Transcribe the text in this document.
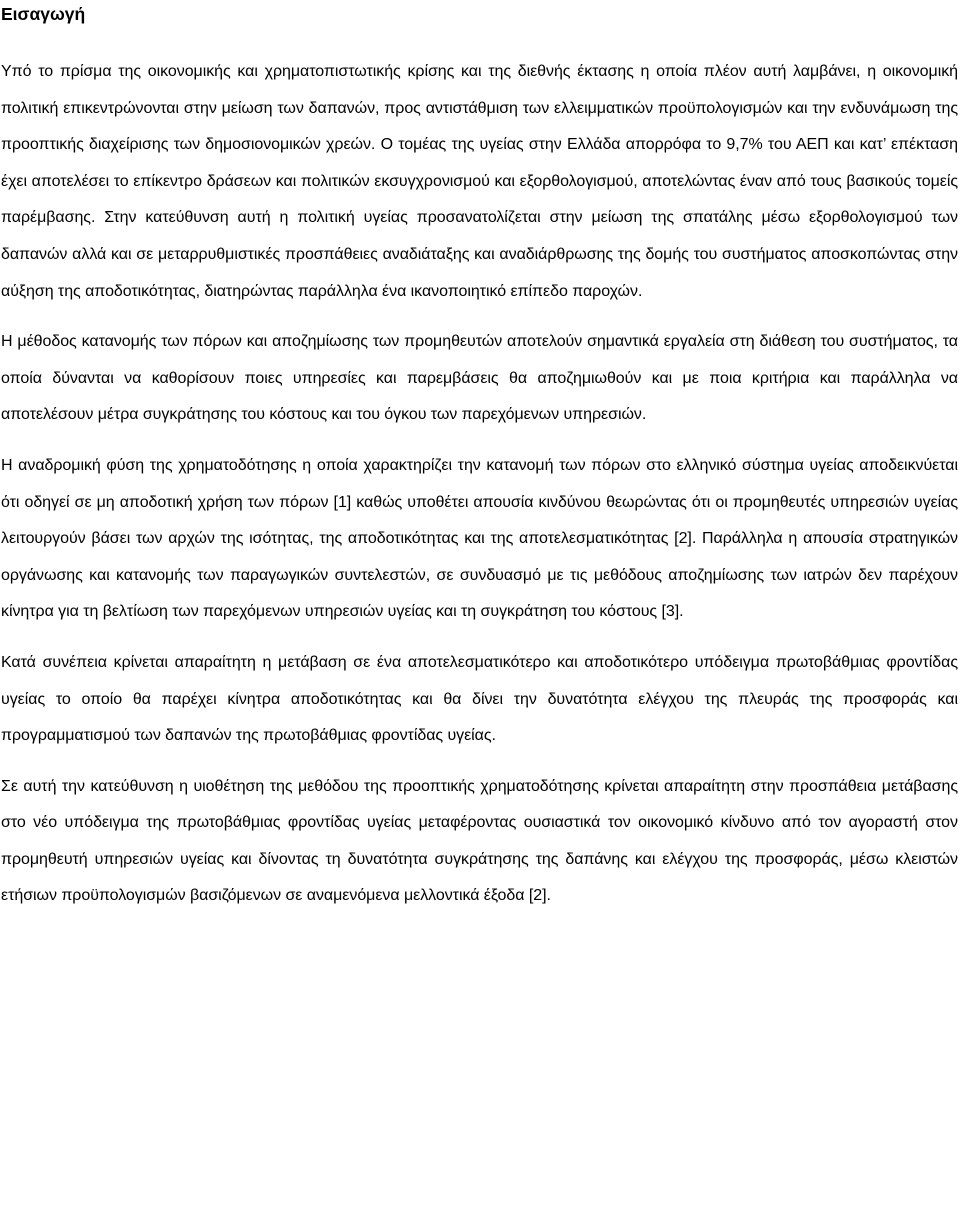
Εισαγωγή

Υπό το πρίσμα της οικονομικής και χρηματοπιστωτικής κρίσης και της διεθνής έκτασης η οποία πλέον αυτή λαμβάνει, η οικονομική πολιτική επικεντρώνονται στην μείωση των δαπανών, προς αντιστάθμιση των ελλειμματικών προϋπολογισμών και την ενδυνάμωση της προοπτικής διαχείρισης των δημοσιονομικών χρεών. Ο τομέας της υγείας στην Ελλάδα απορρόφα το 9,7% του ΑΕΠ και κατ’ επέκταση έχει αποτελέσει το επίκεντρο δράσεων και πολιτικών εκσυγχρονισμού και εξορθολογισμού, αποτελώντας έναν από τους βασικούς τομείς παρέμβασης. Στην κατεύθυνση αυτή η πολιτική υγείας προσανατολίζεται στην μείωση της σπατάλης μέσω εξορθολογισμού των δαπανών αλλά και σε μεταρρυθμιστικές προσπάθειες αναδιάταξης και αναδιάρθρωσης της δομής του συστήματος αποσκοπώντας στην αύξηση της αποδοτικότητας, διατηρώντας παράλληλα ένα ικανοποιητικό επίπεδο παροχών.

Η μέθοδος κατανομής των πόρων και αποζημίωσης των προμηθευτών αποτελούν σημαντικά εργαλεία στη διάθεση του συστήματος, τα οποία δύνανται να καθορίσουν ποιες υπηρεσίες και παρεμβάσεις θα αποζημιωθούν και με ποια κριτήρια και παράλληλα να αποτελέσουν μέτρα συγκράτησης του κόστους και του όγκου των παρεχόμενων υπηρεσιών.

Η αναδρομική φύση της χρηματοδότησης η οποία χαρακτηρίζει την κατανομή των πόρων στο ελληνικό σύστημα υγείας αποδεικνύεται ότι οδηγεί σε μη αποδοτική χρήση των πόρων [1] καθώς υποθέτει απουσία κινδύνου θεωρώντας ότι οι προμηθευτές υπηρεσιών υγείας λειτουργούν βάσει των αρχών της ισότητας, της αποδοτικότητας και της αποτελεσματικότητας [2]. Παράλληλα η απουσία στρατηγικών οργάνωσης και κατανομής των παραγωγικών συντελεστών, σε συνδυασμό με τις μεθόδους αποζημίωσης των ιατρών δεν παρέχουν κίνητρα για τη βελτίωση των παρεχόμενων υπηρεσιών υγείας και τη συγκράτηση του κόστους [3].

Κατά συνέπεια κρίνεται απαραίτητη η μετάβαση σε ένα αποτελεσματικότερο και αποδοτικότερο υπόδειγμα πρωτοβάθμιας φροντίδας υγείας το οποίο θα παρέχει κίνητρα αποδοτικότητας και θα δίνει την δυνατότητα ελέγχου της πλευράς της προσφοράς και προγραμματισμού των δαπανών της πρωτοβάθμιας φροντίδας υγείας.

Σε αυτή την κατεύθυνση η υιοθέτηση της μεθόδου της προοπτικής χρηματοδότησης κρίνεται απαραίτητη στην προσπάθεια μετάβασης στο νέο υπόδειγμα της πρωτοβάθμιας φροντίδας υγείας μεταφέροντας ουσιαστικά τον οικονομικό κίνδυνο από τον αγοραστή στον προμηθευτή υπηρεσιών υγείας και δίνοντας τη δυνατότητα συγκράτησης της δαπάνης και ελέγχου της προσφοράς, μέσω κλειστών ετήσιων προϋπολογισμών βασιζόμενων σε αναμενόμενα μελλοντικά έξοδα [2].
